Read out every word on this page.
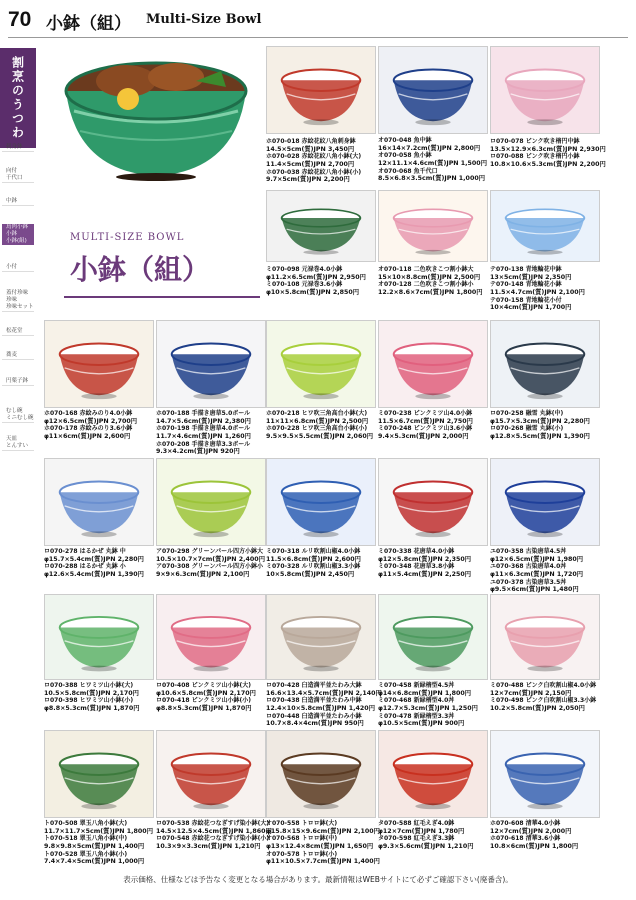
70 小鉢（組） Multi-Size Bowl
割烹のうつわ
刺身鉢
向付
千代口
中鉢
鳥肉小鉢
小鉢
小鉢(組)
小付
蓋付珍味
珍味
珍味セット
松花堂
蕎麦
円薬子鉢
むし碗
ミニむし碗
天皿
とんすい
MULTI-SIZE BOWL
小鉢（組）
ホ070-018 赤絵花紋八角刺身鉢
14.5×5cm(質)JPN 3,450円
ホ070-028 赤絵花紋八角小鉢(大)
11.4×5cm(質)JPN 2,700円
ホ070-038 赤絵花紋八角小鉢(小)
9.7×5cm(質)JPN 2,200円
オ070-048 魚中鉢
16×14×7.2cm(質)JPN 2,800円
オ070-058 魚小鉢
12×11.1×4.6cm(質)JPN 1,500円
オ070-068 魚千代口
8.5×6.8×3.5cm(質)JPN 1,000円
ロ070-078 ピンク吹き楕円中鉢
13.5×12.9×6.3cm(質)JPN 2,930円
ロ070-088 ピンク吹き楕円小鉢
10.8×10.6×5.3cm(質)JPN 2,200円
ミ070-098 元禄巻4.0小鉢
φ11.2×6.5cm(質)JPN 2,950円
ミ070-108 元禄巻3.6小鉢
φ10×5.8cm(質)JPN 2,850円
オ070-118 二色吹きこつ割小鉢大
15×10×8.8cm(質)JPN 2,500円
オ070-128 二色吹きこつ割小鉢小
12.2×8.6×7cm(質)JPN 1,800円
テ070-138 青地輪花中鉢
13×5cm(質)JPN 2,350円
テ070-148 青地輪花小鉢
11.5×4.7cm(質)JPN 2,100円
テ070-158 青地輪花小付
10×4cm(質)JPN 1,700円
ホ070-168 赤絵みのり4.0小鉢
φ12×6.5cm(質)JPN 2,700円
ホ070-178 赤絵みのり3.6小鉢
φ11×6cm(質)JPN 2,600円
ホ070-188 手描き唐草5.0ボール
14.7×5.6cm(質)JPN 2,380円
ホ070-198 手描き唐草4.0ボール
11.7×4.6cm(質)JPN 1,260円
ホ070-208 手描き唐草3.3ボール
9.3×4.2cm(質)JPN 920円
ホ070-218 ヒワ吹三角高台小鉢(大)
11×11×6.8cm(質)JPN 2,500円
ホ070-228 ヒワ吹三角高台小鉢(小)
9.5×9.5×5.5cm(質)JPN 2,060円
ミ070-238 ピンクミツ山4.0小鉢
11.5×6.7cm(質)JPN 2,750円
ミ070-248 ピンクミツ山3.6小鉢
9.4×5.3cm(質)JPN 2,000円
ロ070-258 融雪 丸鉢(中)
φ15.7×5.3cm(質)JPN 2,280円
ロ070-268 融雪 丸鉢(小)
φ12.8×5.5cm(質)JPN 1,390円
ロ070-278 はるかぜ 丸鉢 中
φ15.7×5.4cm(質)JPN 2,280円
ロ070-288 はるかぜ 丸鉢 小
φ12.6×5.4cm(質)JPN 1,390円
ア070-298 グリーンパール四方小鉢大
10.5×10.7×7cm(質)JPN 2,400円
ア070-308 グリーンパール四方小鉢小
9×9×6.3cm(質)JPN 2,100円
ミ070-318 ルリ吹割山椒4.0小鉢
11.5×6.8cm(質)JPN 2,600円
ミ070-328 ルリ吹割山椒3.3小鉢
10×5.8cm(質)JPN 2,450円
ミ070-338 花唐草4.0小鉢
φ12×5.8cm(質)JPN 2,350円
ミ070-348 花唐草3.8小鉢
φ11×5.4cm(質)JPN 2,250円
ユ070-358 古染唐草4.5丼
φ12×6.5cm(質)JPN 1,980円
ユ070-368 古染唐草4.0丼
φ11×6.3cm(質)JPN 1,720円
ユ070-378 古染唐草3.5丼
φ9.5×6cm(質)JPN 1,480円
ロ070-388 ヒワミツ山小鉢(大)
10.5×5.8cm(質)JPN 2,170円
ロ070-398 ヒワミツ山小鉢(小)
φ8.8×5.3cm(質)JPN 1,870円
ロ070-408 ピンクミツ山小鉢(大)
φ10.6×5.8cm(質)JPN 2,170円
ロ070-418 ピンクミツ山小鉢(小)
φ8.8×5.3cm(質)JPN 1,870円
ロ070-428 臼造満平並たわみ大鉢
16.6×13.4×5.7cm(質)JPN 2,140円
ロ070-438 臼造満平並たわみ中鉢
12.4×10×5.8cm(質)JPN 1,420円
ロ070-448 臼造満平並たわみ小鉢
10.7×8.4×4cm(質)JPN 950円
ミ070-458 新緑楕型4.5丼
φ14×6.8cm(質)JPN 1,800円
ミ070-468 新緑楕型4.0丼
φ12.7×5.3cm(質)JPN 1,250円
ミ070-478 新緑楕型3.3丼
φ10.5×5cm(質)JPN 900円
ミ070-488 ピンク白吹割山椒4.0小鉢
12×7cm(質)JPN 2,150円
ミ070-498 ピンク白吹割山椒3.3小鉢
10.2×5.8cm(質)JPN 2,050円
ト070-508 翠玉八角小鉢(大)
11.7×11.7×5cm(質)JPN 1,800円
ト070-518 翠玉八角小鉢(中)
9.8×9.8×5cm(質)JPN 1,400円
ト070-528 翠玉八角小鉢(小)
7.4×7.4×5cm(質)JPN 1,000円
ロ070-538 赤絵花つなぎすげ染小鉢(大)
14.5×12.5×4.5cm(質)JPN 1,860円
ロ070-548 赤絵花つなぎすげ染小鉢(小)
10.3×9×3.3cm(質)JPN 1,210円
オ070-558 トロロ鉢(大)
φ15.8×15×9.6cm(質)JPN 2,100円
オ070-568 トロロ鉢(中)
φ13×12.4×8cm(質)JPN 1,650円
オ070-578 トロロ鉢(小)
φ11×10.5×7.7cm(質)JPN 1,400円
タ070-588 紅毛えぎ4.0鉢
φ12×7cm(質)JPN 1,780円
タ070-598 紅毛えぎ3.3鉢
φ9.3×5.6cm(質)JPN 1,210円
ホ070-608 清華4.0小鉢
12×7cm(質)JPN 2,000円
ホ070-618 清華3.6小鉢
10.8×6cm(質)JPN 1,800円
表示価格、仕様などは予告なく変更となる場合があります。最新情報はWEBサイトにて必ずご確認下さい(廃番含)。
